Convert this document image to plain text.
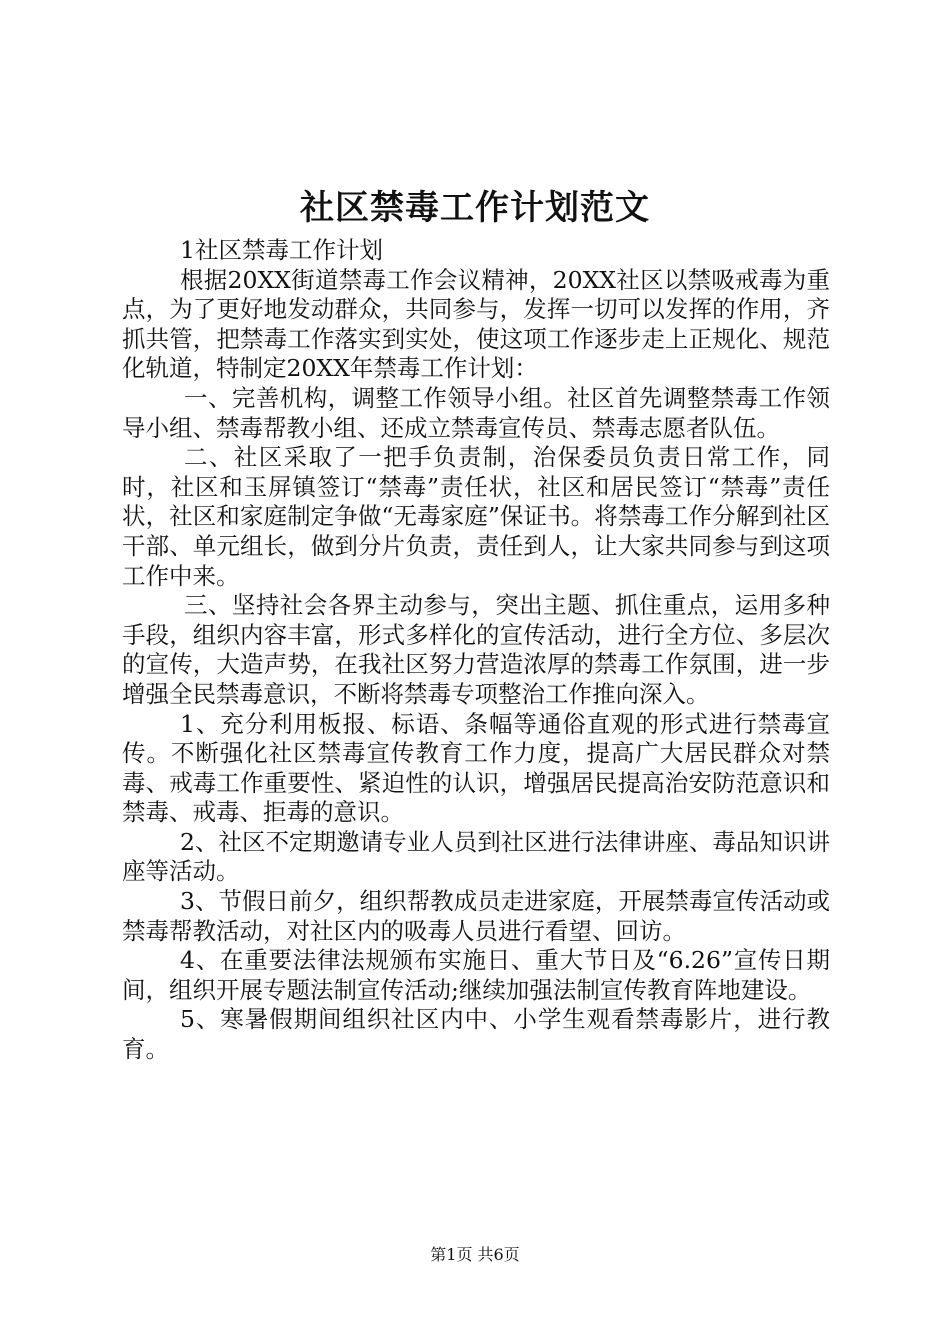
社区禁毒工作计划范文

1社区禁毒工作计划

根据20XX街道禁毒工作会议精神，20XX社区以禁吸戒毒为重点，为了更好地发动群众，共同参与，发挥一切可以发挥的作用，齐抓共管，把禁毒工作落实到实处，使这项工作逐步走上正规化、规范化轨道，特制定20XX年禁毒工作计划：

一、完善机构，调整工作领导小组。社区首先调整禁毒工作领导小组、禁毒帮教小组、还成立禁毒宣传员、禁毒志愿者队伍。

二、社区采取了一把手负责制，治保委员负责日常工作，同时，社区和玉屏镇签订“禁毒”责任状，社区和居民签订“禁毒”责任状，社区和家庭制定争做“无毒家庭”保证书。将禁毒工作分解到社区干部、单元组长，做到分片负责，责任到人，让大家共同参与到这项工作中来。

三、坚持社会各界主动参与，突出主题、抓住重点，运用多种手段，组织内容丰富，形式多样化的宣传活动，进行全方位、多层次的宣传，大造声势，在我社区努力营造浓厚的禁毒工作氛围，进一步增强全民禁毒意识，不断将禁毒专项整治工作推向深入。

1、充分利用板报、标语、条幅等通俗直观的形式进行禁毒宣传。不断强化社区禁毒宣传教育工作力度，提高广大居民群众对禁毒、戒毒工作重要性、紧迫性的认识，增强居民提高治安防范意识和禁毒、戒毒、拒毒的意识。

2、社区不定期邀请专业人员到社区进行法律讲座、毒品知识讲座等活动。

3、节假日前夕，组织帮教成员走进家庭，开展禁毒宣传活动或禁毒帮教活动，对社区内的吸毒人员进行看望、回访。

4、在重要法律法规颁布实施日、重大节日及“6.26”宣传日期间，组织开展专题法制宣传活动;继续加强法制宣传教育阵地建设。

5、寒暑假期间组织社区内中、小学生观看禁毒影片，进行教育。

第1页 共6页
